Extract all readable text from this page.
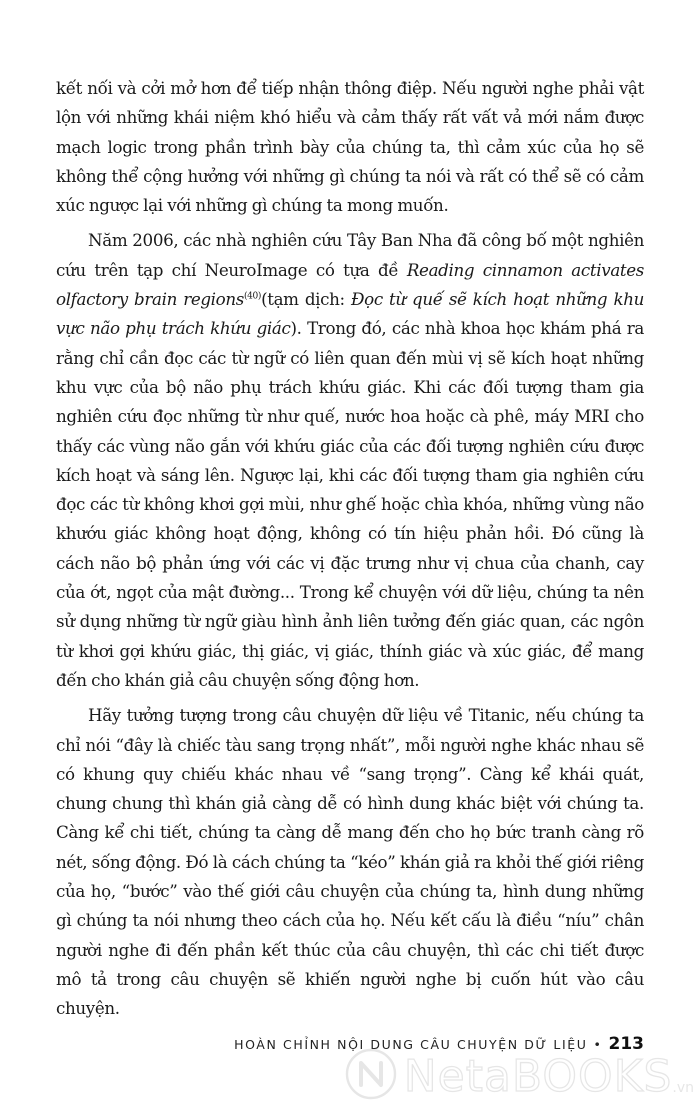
kết nối và cởi mở hơn để tiếp nhận thông điệp. Nếu người nghe phải vật lộn với những khái niệm khó hiểu và cảm thấy rất vất vả mới nắm được mạch logic trong phần trình bày của chúng ta, thì cảm xúc của họ sẽ không thể cộng hưởng với những gì chúng ta nói và rất có thể sẽ có cảm xúc ngược lại với những gì chúng ta mong muốn.

Năm 2006, các nhà nghiên cứu Tây Ban Nha đã công bố một nghiên cứu trên tạp chí NeuroImage có tựa đề Reading cinnamon activates olfactory brain regions$^{(40)}$(tạm dịch: Đọc từ quế sẽ kích hoạt những khu vực não phụ trách khứu giác). Trong đó, các nhà khoa học khám phá ra rằng chỉ cần đọc các từ ngữ có liên quan đến mùi vị sẽ kích hoạt những khu vực của bộ não phụ trách khứu giác. Khi các đối tượng tham gia nghiên cứu đọc những từ như quế, nước hoa hoặc cà phê, máy MRI cho thấy các vùng não gắn với khứu giác của các đối tượng nghiên cứu được kích hoạt và sáng lên. Ngược lại, khi các đối tượng tham gia nghiên cứu đọc các từ không khơi gợi mùi, như ghế hoặc chìa khóa, những vùng não khướu giác không hoạt động, không có tín hiệu phản hồi. Đó cũng là cách não bộ phản ứng với các vị đặc trưng như vị chua của chanh, cay của ớt, ngọt của mật đường... Trong kể chuyện với dữ liệu, chúng ta nên sử dụng những từ ngữ giàu hình ảnh liên tưởng đến giác quan, các ngôn từ khơi gợi khứu giác, thị giác, vị giác, thính giác và xúc giác, để mang đến cho khán giả câu chuyện sống động hơn.

Hãy tưởng tượng trong câu chuyện dữ liệu về Titanic, nếu chúng ta chỉ nói “đây là chiếc tàu sang trọng nhất”, mỗi người nghe khác nhau sẽ có khung quy chiếu khác nhau về “sang trọng”. Càng kể khái quát, chung chung thì khán giả càng dễ có hình dung khác biệt với chúng ta. Càng kể chi tiết, chúng ta càng dễ mang đến cho họ bức tranh càng rõ nét, sống động. Đó là cách chúng ta “kéo” khán giả ra khỏi thế giới riêng của họ, “bước” vào thế giới câu chuyện của chúng ta, hình dung những gì chúng ta nói nhưng theo cách của họ. Nếu kết cấu là điều “níu” chân người nghe đi đến phần kết thúc của câu chuyện, thì các chi tiết được mô tả trong câu chuyện sẽ khiến người nghe bị cuốn hút vào câu chuyện.

HOÀN CHỈNH NỘI DUNG CÂU CHUYỆN DỮ LIỆU • 213
NetaBOOKS .vn
